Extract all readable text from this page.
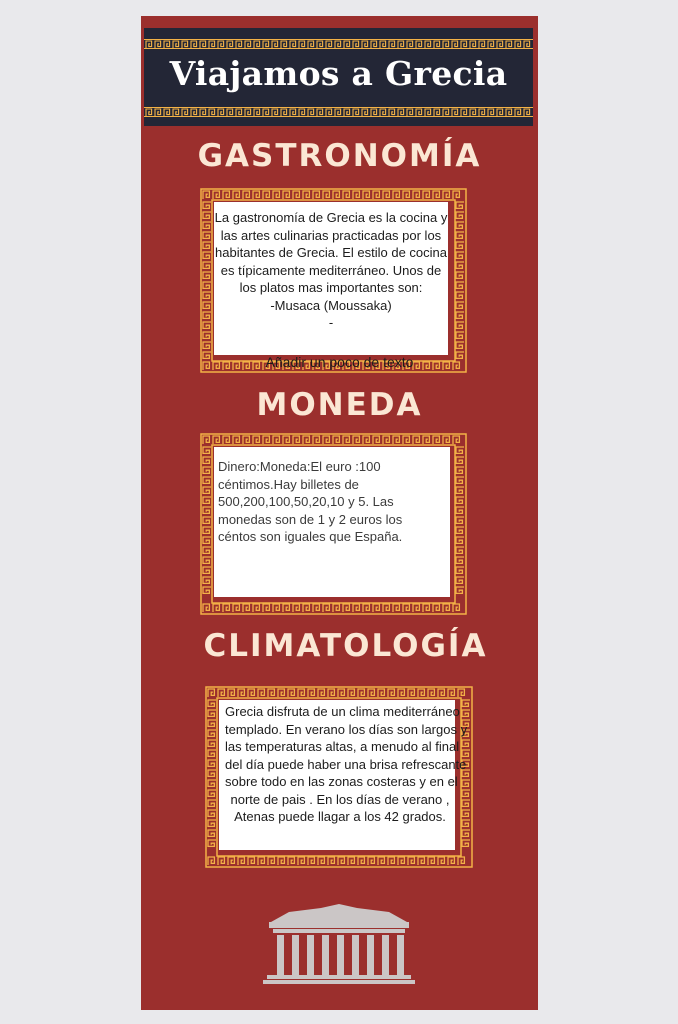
Viajamos a Grecia
GASTRONOMÍA
La gastronomía de Grecia es la cocina y
las artes culinarias practicadas por los
habitantes de Grecia. El estilo de cocina
es típicamente mediterráneo. Unos de
los platos mas importantes son:
-Musaca (Moussaka)
-
Añadir un poco de texto
MONEDA
Dinero:Moneda:El euro :100
céntimos.Hay billetes de
500,200,100,50,20,10 y 5. Las
monedas son de 1 y 2 euros los
céntos son iguales que España.
CLIMATOLOGÍA
Grecia disfruta de un clima mediterráneo
templado. En verano los días son largos y
las temperaturas altas, a menudo al final
del día puede haber una brisa refrescante
sobre todo en las zonas costeras y en el
norte de pais . En los días de verano ,
Atenas puede llagar a los 42 grados.
